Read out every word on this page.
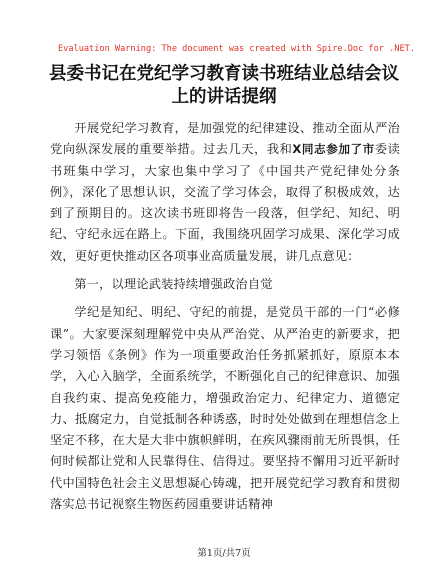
Evaluation Warning: The document was created with Spire.Doc for .NET.
县委书记在党纪学习教育读书班结业总结会议
上的讲话提纲

开展党纪学习教育，是加强党的纪律建设、推动全面从严治党向纵深发展的重要举措。过去几天，我和X同志参加了市委读书班集中学习，大家也集中学习了《中国共产党纪律处分条例》，深化了思想认识，交流了学习体会，取得了积极成效，达到了预期目的。这次读书班即将告一段落，但学纪、知纪、明纪、守纪永远在路上。下面，我围绕巩固学习成果、深化学习成效，更好更快推动区各项事业高质量发展，讲几点意见：

第一，以理论武装持续增强政治自觉

学纪是知纪、明纪、守纪的前提，是党员干部的一门“必修课”。大家要深刻理解党中央从严治党、从严治吏的新要求，把学习领悟《条例》作为一项重要政治任务抓紧抓好，原原本本学，入心入脑学，全面系统学，不断强化自己的纪律意识、加强自我约束、提高免疫能力，增强政治定力、纪律定力、道德定力、抵腐定力，自觉抵制各种诱惑，时时处处做到在理想信念上坚定不移，在大是大非中旗帜鲜明，在疾风骤雨前无所畏惧，任何时候都让党和人民靠得住、信得过。要坚持不懈用习近平新时代中国特色社会主义思想凝心铸魂，把开展党纪学习教育和贯彻落实总书记视察生物医药园重要讲话精神

第1页/共7页
